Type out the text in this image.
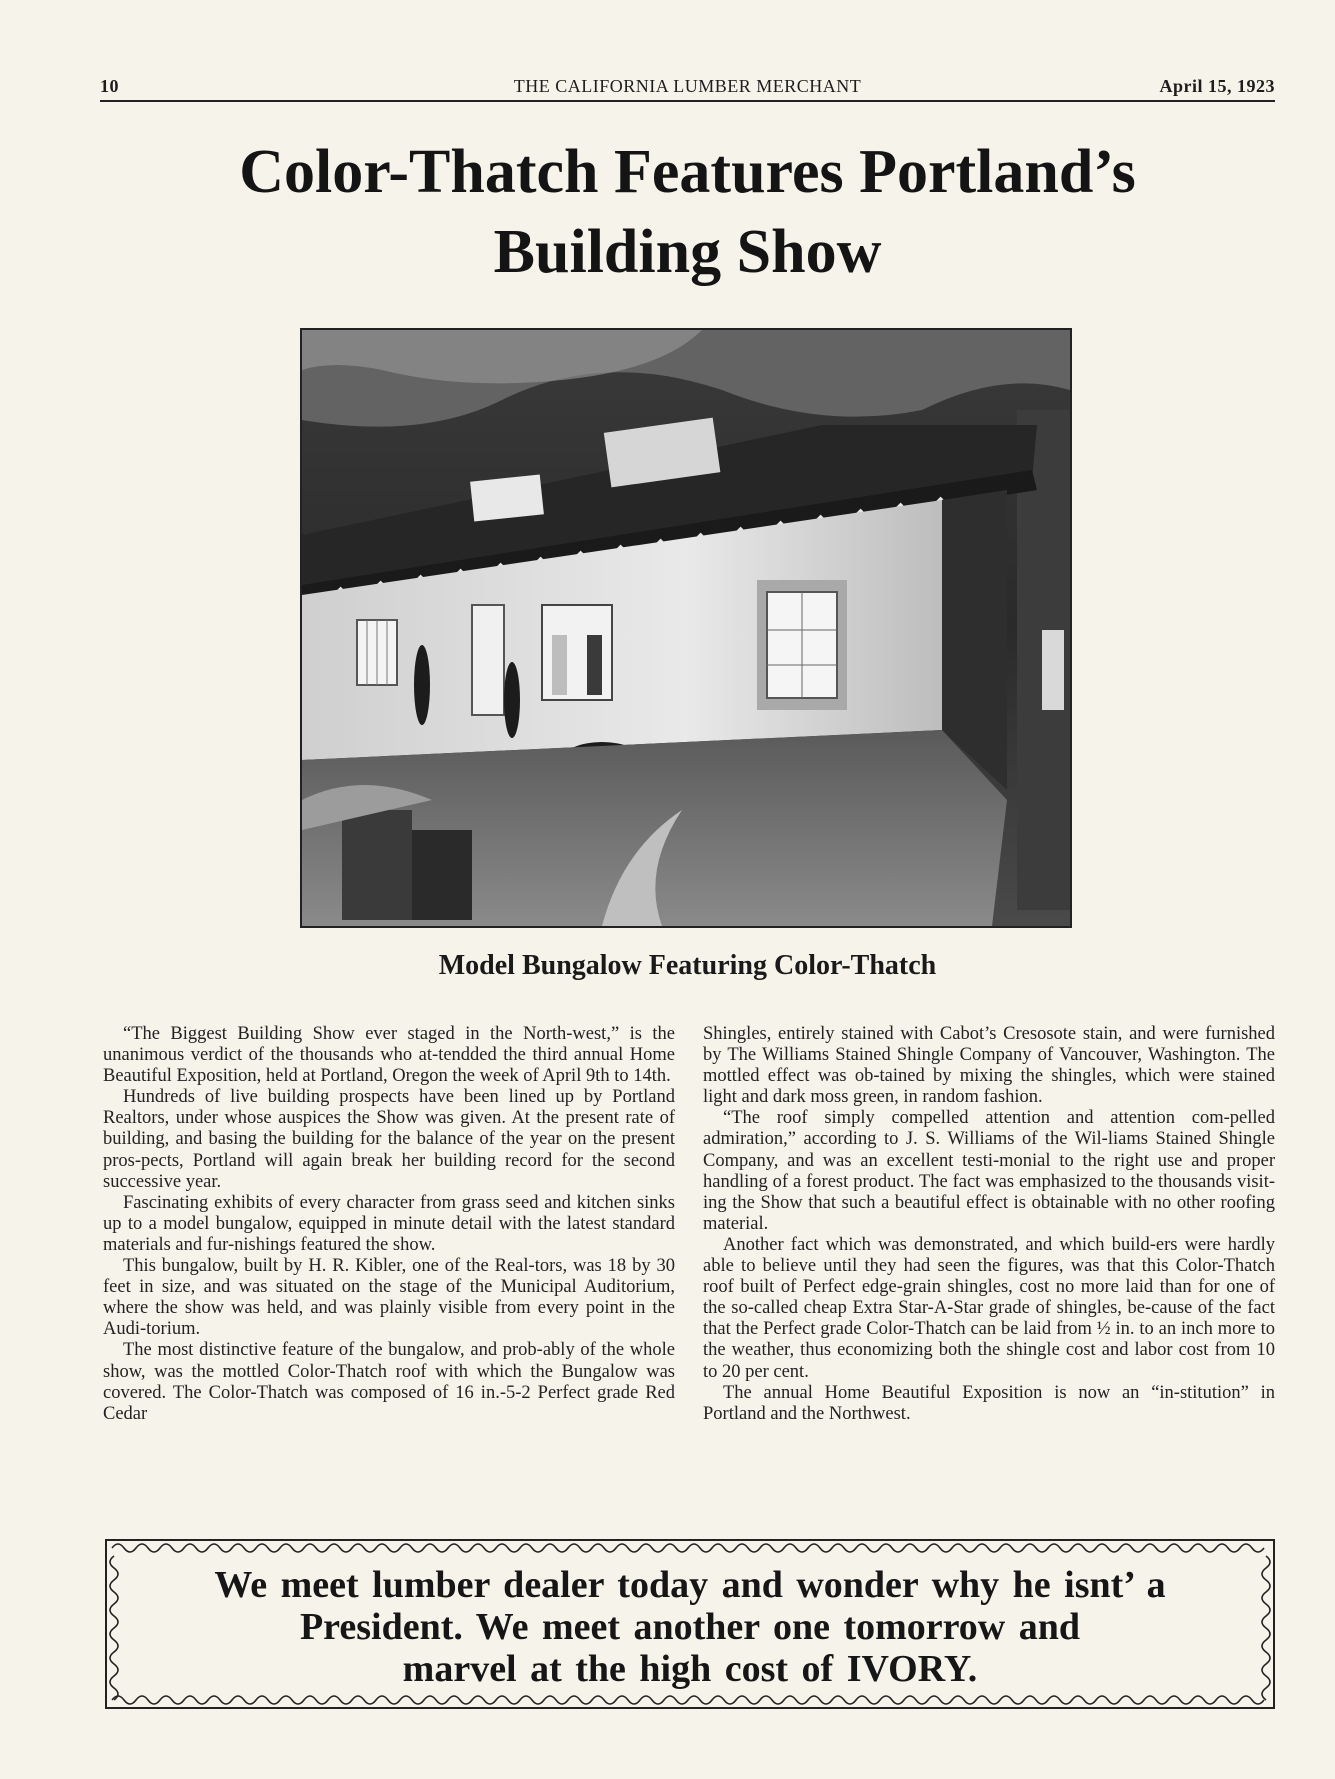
10	THE CALIFORNIA LUMBER MERCHANT	April 15, 1923
Color-Thatch Features Portland’s
Building Show
Model Bungalow Featuring Color-Thatch

“The Biggest Building Show ever staged in the North-west,” is the unanimous verdict of the thousands who at-tendded the third annual Home Beautiful Exposition, held at Portland, Oregon the week of April 9th to 14th.

Hundreds of live building prospects have been lined up by Portland Realtors, under whose auspices the Show was given. At the present rate of building, and basing the building for the balance of the year on the present pros-pects, Portland will again break her building record for the second successive year.

Fascinating exhibits of every character from grass seed and kitchen sinks up to a model bungalow, equipped in minute detail with the latest standard materials and fur-nishings featured the show.

This bungalow, built by H. R. Kibler, one of the Real-tors, was 18 by 30 feet in size, and was situated on the stage of the Municipal Auditorium, where the show was held, and was plainly visible from every point in the Audi-torium.

The most distinctive feature of the bungalow, and prob-ably of the whole show, was the mottled Color-Thatch roof with which the Bungalow was covered. The Color-Thatch was composed of 16 in.-5-2 Perfect grade Red Cedar

Shingles, entirely stained with Cabot’s Cresosote stain, and were furnished by The Williams Stained Shingle Company of Vancouver, Washington. The mottled effect was ob-tained by mixing the shingles, which were stained light and dark moss green, in random fashion.

“The roof simply compelled attention and attention com-pelled admiration,” according to J. S. Williams of the Wil-liams Stained Shingle Company, and was an excellent testi-monial to the right use and proper handling of a forest product. The fact was emphasized to the thousands visit-ing the Show that such a beautiful effect is obtainable with no other roofing material.

Another fact which was demonstrated, and which build-ers were hardly able to believe until they had seen the figures, was that this Color-Thatch roof built of Perfect edge-grain shingles, cost no more laid than for one of the so-called cheap Extra Star-A-Star grade of shingles, be-cause of the fact that the Perfect grade Color-Thatch can be laid from ½ in. to an inch more to the weather, thus economizing both the shingle cost and labor cost from 10 to 20 per cent.

The annual Home Beautiful Exposition is now an “in-stitution” in Portland and the Northwest.

We meet lumber dealer today and wonder why he isnt’ a
President. We meet another one tomorrow and
marvel at the high cost of IVORY.
